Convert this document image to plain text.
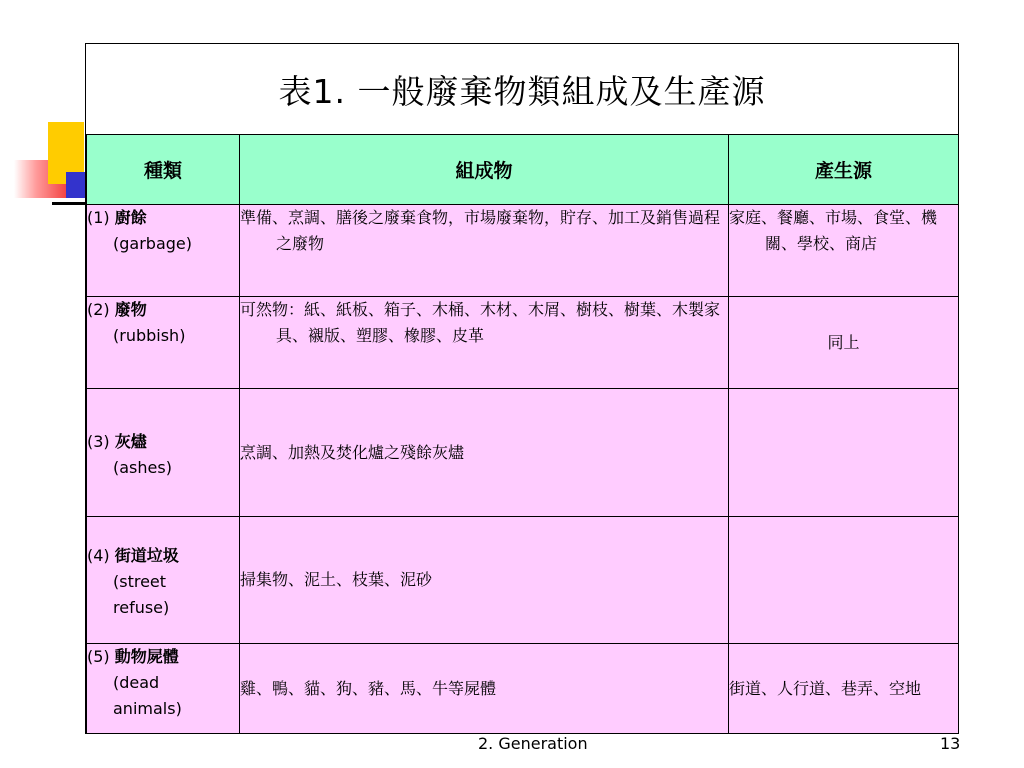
表1. 一般廢棄物類組成及生產源
種類	組成物	產生源

(1) 廚餘
(garbage)	準備、烹調、膳後之廢棄食物，市場廢棄物，貯存、加工及銷售過程之廢物	家庭、餐廳、市場、食堂、機關、學校、商店

(2) 廢物
(rubbish)	可然物：紙、紙板、箱子、木桶、木材、木屑、樹枝、樹葉、木製家具、襯版、塑膠、橡膠、皮革	同上

(3) 灰燼
(ashes)	烹調、加熱及焚化爐之殘餘灰燼	

(4) 街道垃圾
(street refuse)	掃集物、泥土、枝葉、泥砂	

(5) 動物屍體
(dead animals)	雞、鴨、貓、狗、豬、馬、牛等屍體	街道、人行道、巷弄、空地
2. Generation	13
